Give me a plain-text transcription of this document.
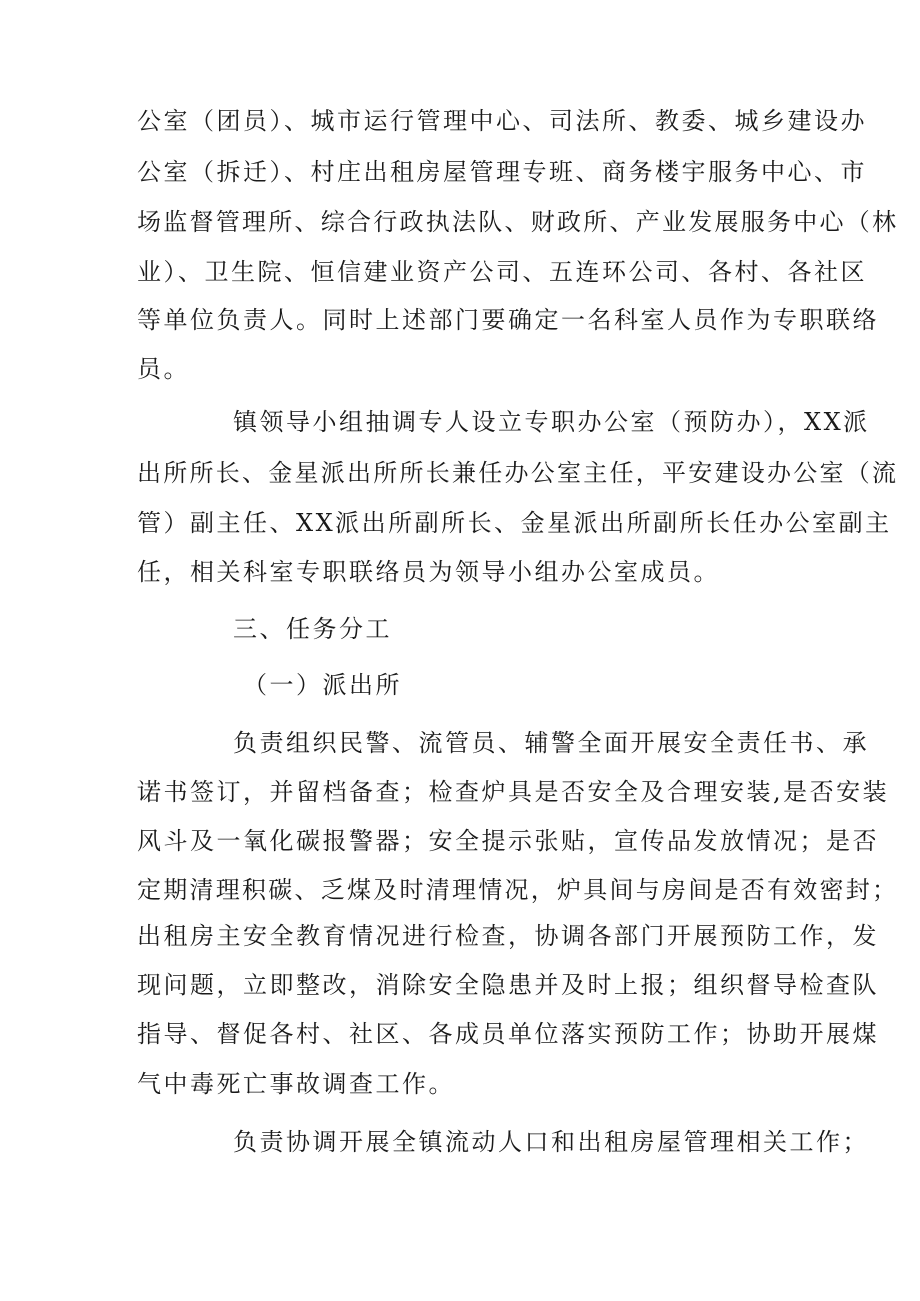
公室（团员）、城市运行管理中心、司法所、教委、城乡建设办
公室（拆迁）、村庄出租房屋管理专班、商务楼宇服务中心、市
场监督管理所、综合行政执法队、财政所、产业发展服务中心（林
业）、卫生院、恒信建业资产公司、五连环公司、各村、各社区
等单位负责人。同时上述部门要确定一名科室人员作为专职联络
员。
镇领导小组抽调专人设立专职办公室（预防办），XX派
出所所长、金星派出所所长兼任办公室主任，平安建设办公室（流
管）副主任、XX派出所副所长、金星派出所副所长任办公室副主
任，相关科室专职联络员为领导小组办公室成员。
三、任务分工
（一）派出所
负责组织民警、流管员、辅警全面开展安全责任书、承
诺书签订，并留档备查；检查炉具是否安全及合理安装,是否安装
风斗及一氧化碳报警器；安全提示张贴，宣传品发放情况；是否
定期清理积碳、乏煤及时清理情况，炉具间与房间是否有效密封；
出租房主安全教育情况进行检查，协调各部门开展预防工作，发
现问题，立即整改，消除安全隐患并及时上报；组织督导检查队
指导、督促各村、社区、各成员单位落实预防工作；协助开展煤
气中毒死亡事故调查工作。
负责协调开展全镇流动人口和出租房屋管理相关工作；
